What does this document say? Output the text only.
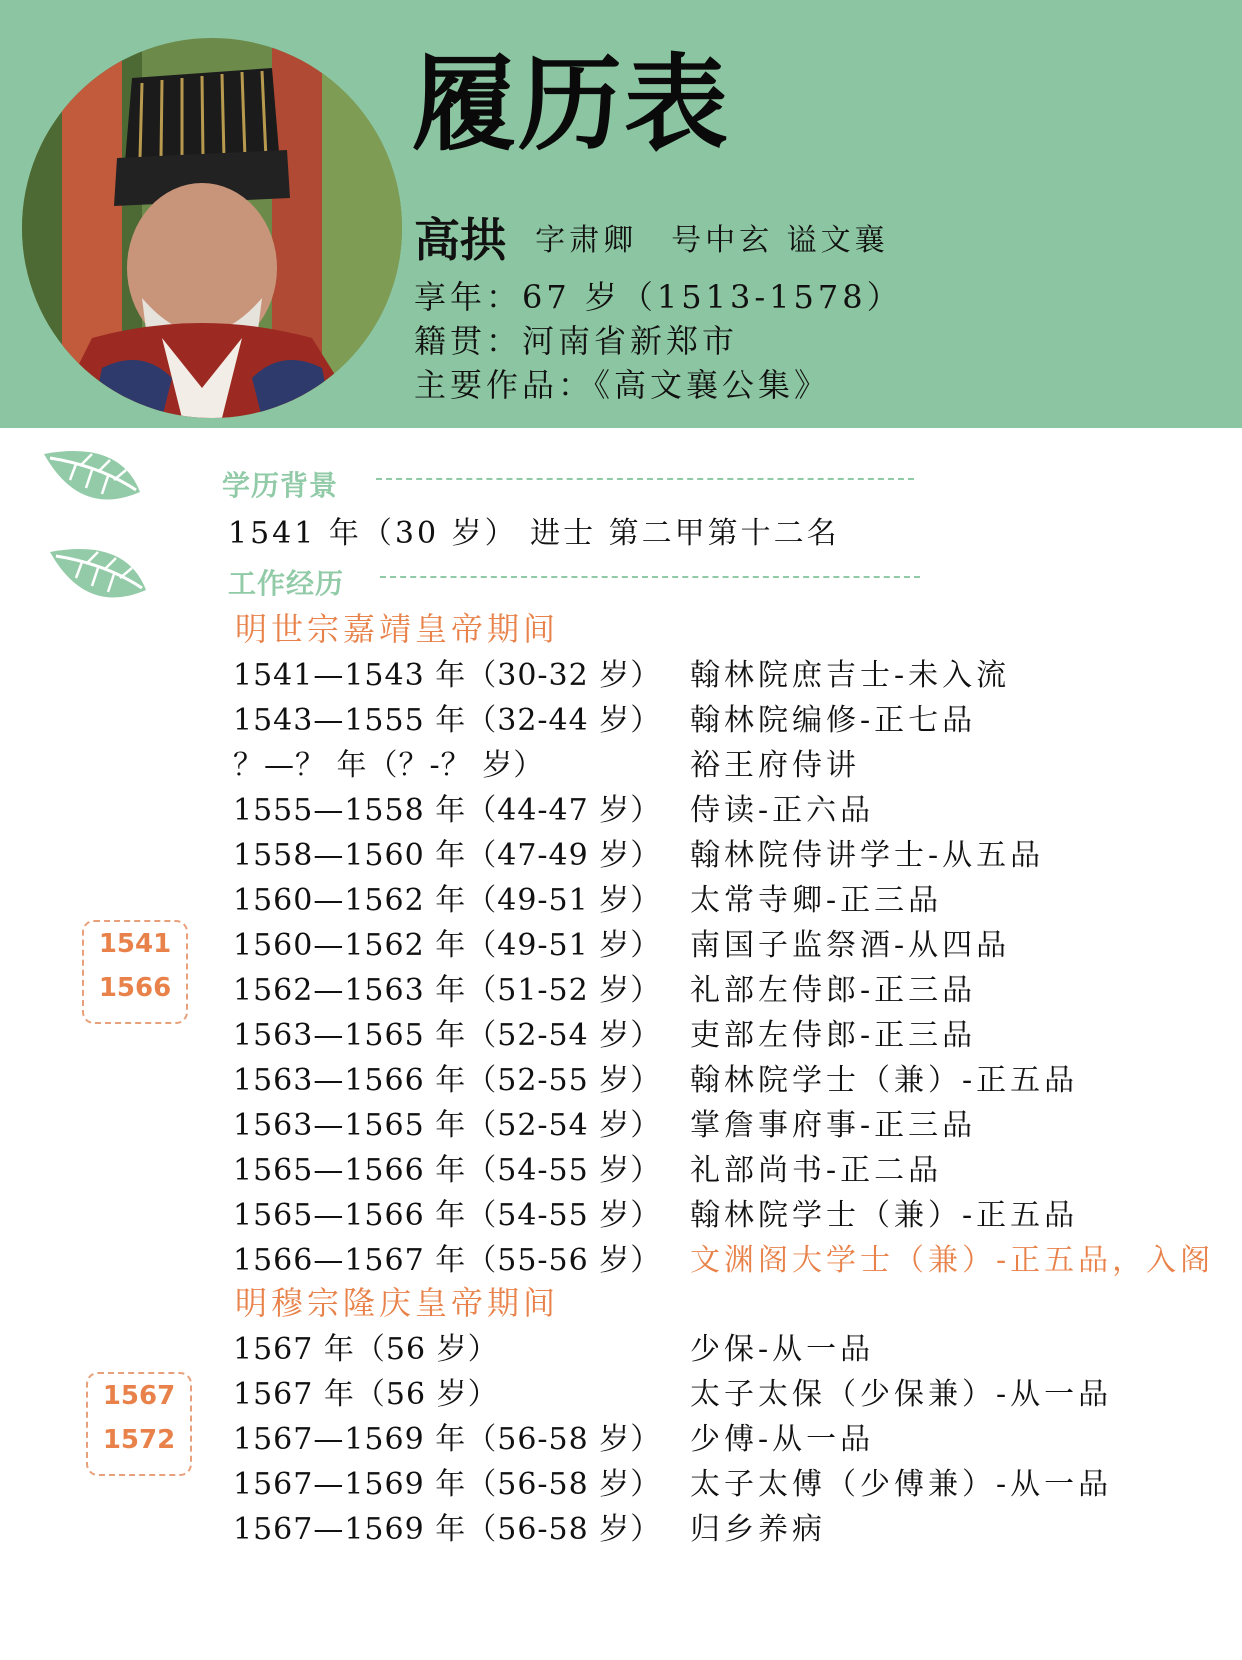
履历表
高拱 字肃卿　号中玄 谥文襄
享年：67 岁（1513-1578）
籍贯：河南省新郑市
主要作品：《高文襄公集》
学历背景
1541 年（30 岁） 进士 第二甲第十二名
工作经历
明世宗嘉靖皇帝期间
1541
1566
1541—1543 年（30-32 岁） 翰林院庶吉士-未入流
1543—1555 年（32-44 岁） 翰林院编修-正七品
？—？ 年（？-？ 岁）	裕王府侍讲
1555—1558 年（44-47 岁） 侍读-正六品
1558—1560 年（47-49 岁） 翰林院侍讲学士-从五品
1560—1562 年（49-51 岁） 太常寺卿-正三品
1560—1562 年（49-51 岁） 南国子监祭酒-从四品
1562—1563 年（51-52 岁） 礼部左侍郎-正三品
1563—1565 年（52-54 岁） 吏部左侍郎-正三品
1563—1566 年（52-55 岁） 翰林院学士（兼）-正五品
1563—1565 年（52-54 岁） 掌詹事府事-正三品
1565—1566 年（54-55 岁） 礼部尚书-正二品
1565—1566 年（54-55 岁） 翰林院学士（兼）-正五品
1566—1567 年（55-56 岁） 文渊阁大学士（兼）-正五品，入阁
明穆宗隆庆皇帝期间
1567
1572
1567 年（56 岁）	少保-从一品
1567 年（56 岁）	太子太保（少保兼）-从一品
1567—1569 年（56-58 岁） 少傅-从一品
1567—1569 年（56-58 岁） 太子太傅（少傅兼）-从一品
1567—1569 年（56-58 岁） 归乡养病
